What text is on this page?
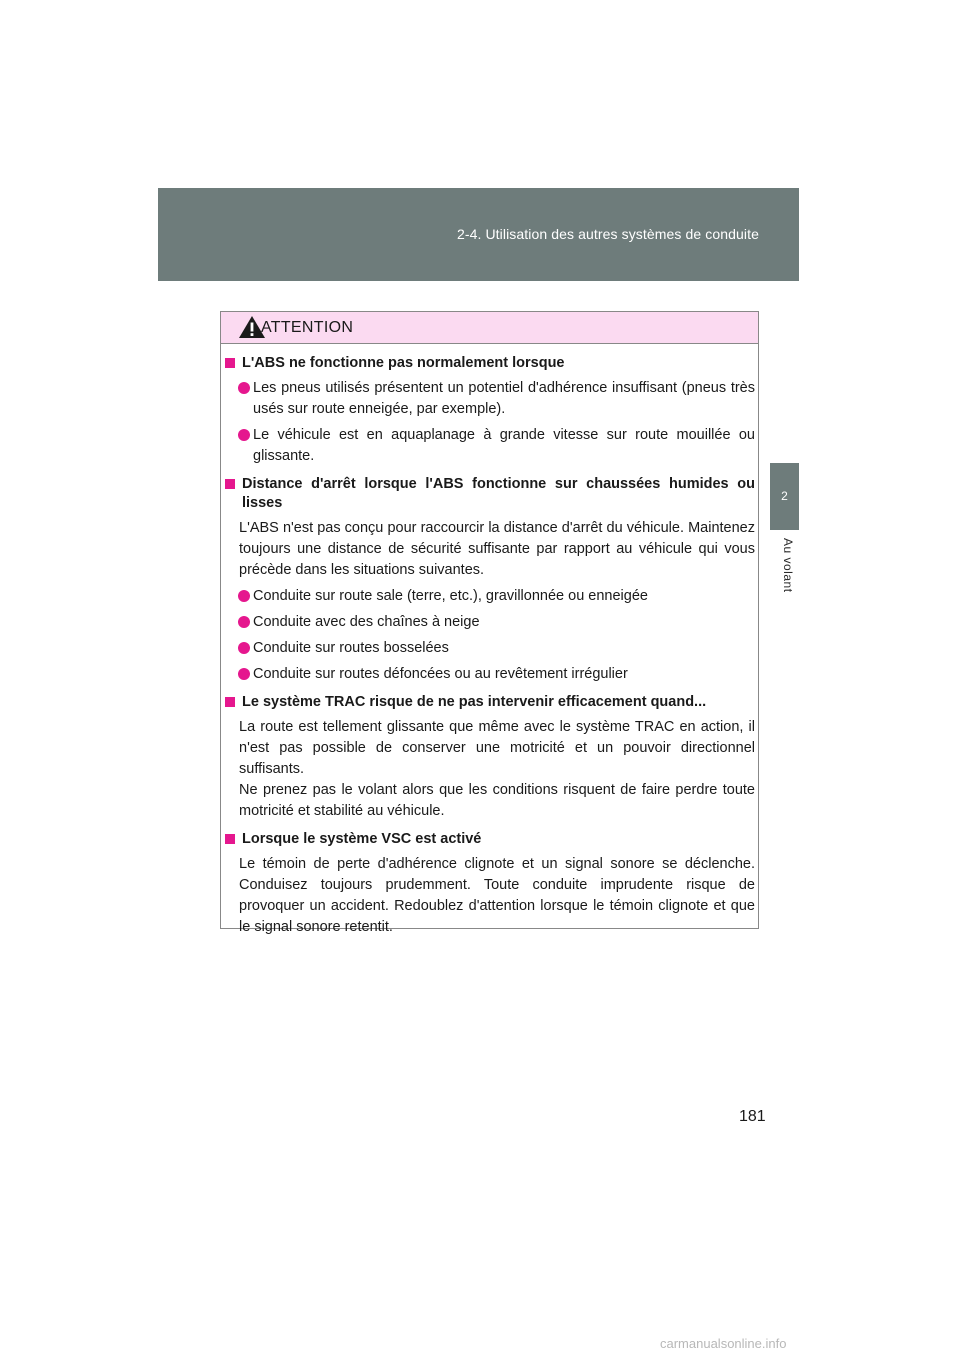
2-4. Utilisation des autres systèmes de conduite
2
Au volant
ATTENTION
L'ABS ne fonctionne pas normalement lorsque
Les pneus utilisés présentent un potentiel d'adhérence insuffisant (pneus très usés sur route enneigée, par exemple).
Le véhicule est en aquaplanage à grande vitesse sur route mouillée ou glissante.
Distance d'arrêt lorsque l'ABS fonctionne sur chaussées humides ou lisses
L'ABS n'est pas conçu pour raccourcir la distance d'arrêt du véhicule. Maintenez toujours une distance de sécurité suffisante par rapport au véhicule qui vous précède dans les situations suivantes.
Conduite sur route sale (terre, etc.), gravillonnée ou enneigée
Conduite avec des chaînes à neige
Conduite sur routes bosselées
Conduite sur routes défoncées ou au revêtement irrégulier
Le système TRAC risque de ne pas intervenir efficacement quand...
La route est tellement glissante que même avec le système TRAC en action, il n'est pas possible de conserver une motricité et un pouvoir directionnel suffisants.
Ne prenez pas le volant alors que les conditions risquent de faire perdre toute motricité et stabilité au véhicule.
Lorsque le système VSC est activé
Le témoin de perte d'adhérence clignote et un signal sonore se déclenche. Conduisez toujours prudemment. Toute conduite imprudente risque de provoquer un accident. Redoublez d'attention lorsque le témoin clignote et que le signal sonore retentit.
181
carmanualsonline.info
